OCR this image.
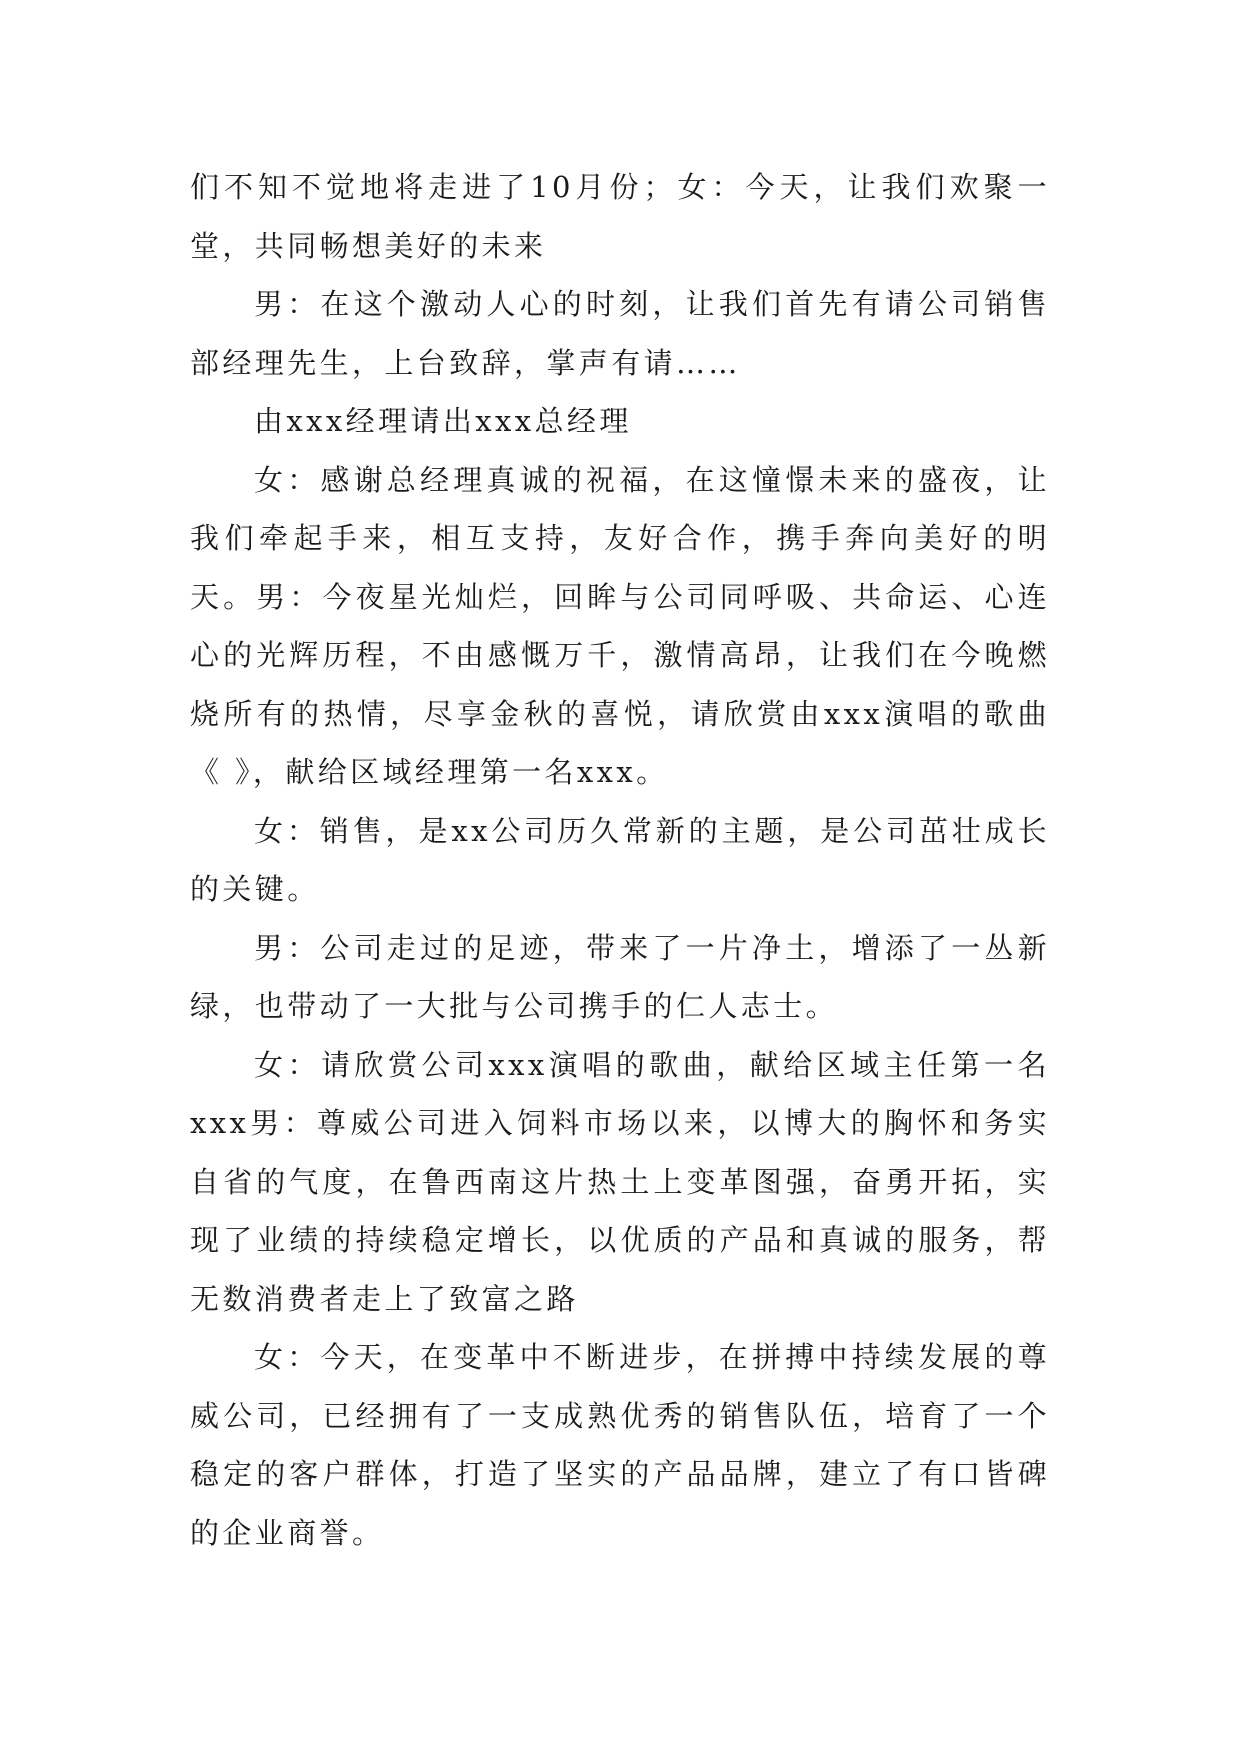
们不知不觉地将走进了10月份；女：今天，让我们欢聚一堂，共同畅想美好的未来

男：在这个激动人心的时刻，让我们首先有请公司销售部经理先生，上台致辞，掌声有请……

由xxx经理请出xxx总经理

女：感谢总经理真诚的祝福，在这憧憬未来的盛夜，让我们牵起手来，相互支持，友好合作，携手奔向美好的明天。男：今夜星光灿烂，回眸与公司同呼吸、共命运、心连心的光辉历程，不由感慨万千，激情高昂，让我们在今晚燃烧所有的热情，尽享金秋的喜悦，请欣赏由xxx演唱的歌曲《 》，献给区域经理第一名xxx。

女：销售，是xx公司历久常新的主题，是公司茁壮成长的关键。

男：公司走过的足迹，带来了一片净土，增添了一丛新绿，也带动了一大批与公司携手的仁人志士。

女：请欣赏公司xxx演唱的歌曲，献给区域主任第一名xxx男：尊威公司进入饲料市场以来，以博大的胸怀和务实自省的气度，在鲁西南这片热土上变革图强，奋勇开拓，实现了业绩的持续稳定增长，以优质的产品和真诚的服务，帮无数消费者走上了致富之路

女：今天，在变革中不断进步，在拼搏中持续发展的尊威公司，已经拥有了一支成熟优秀的销售队伍，培育了一个稳定的客户群体，打造了坚实的产品品牌，建立了有口皆碑的企业商誉。
